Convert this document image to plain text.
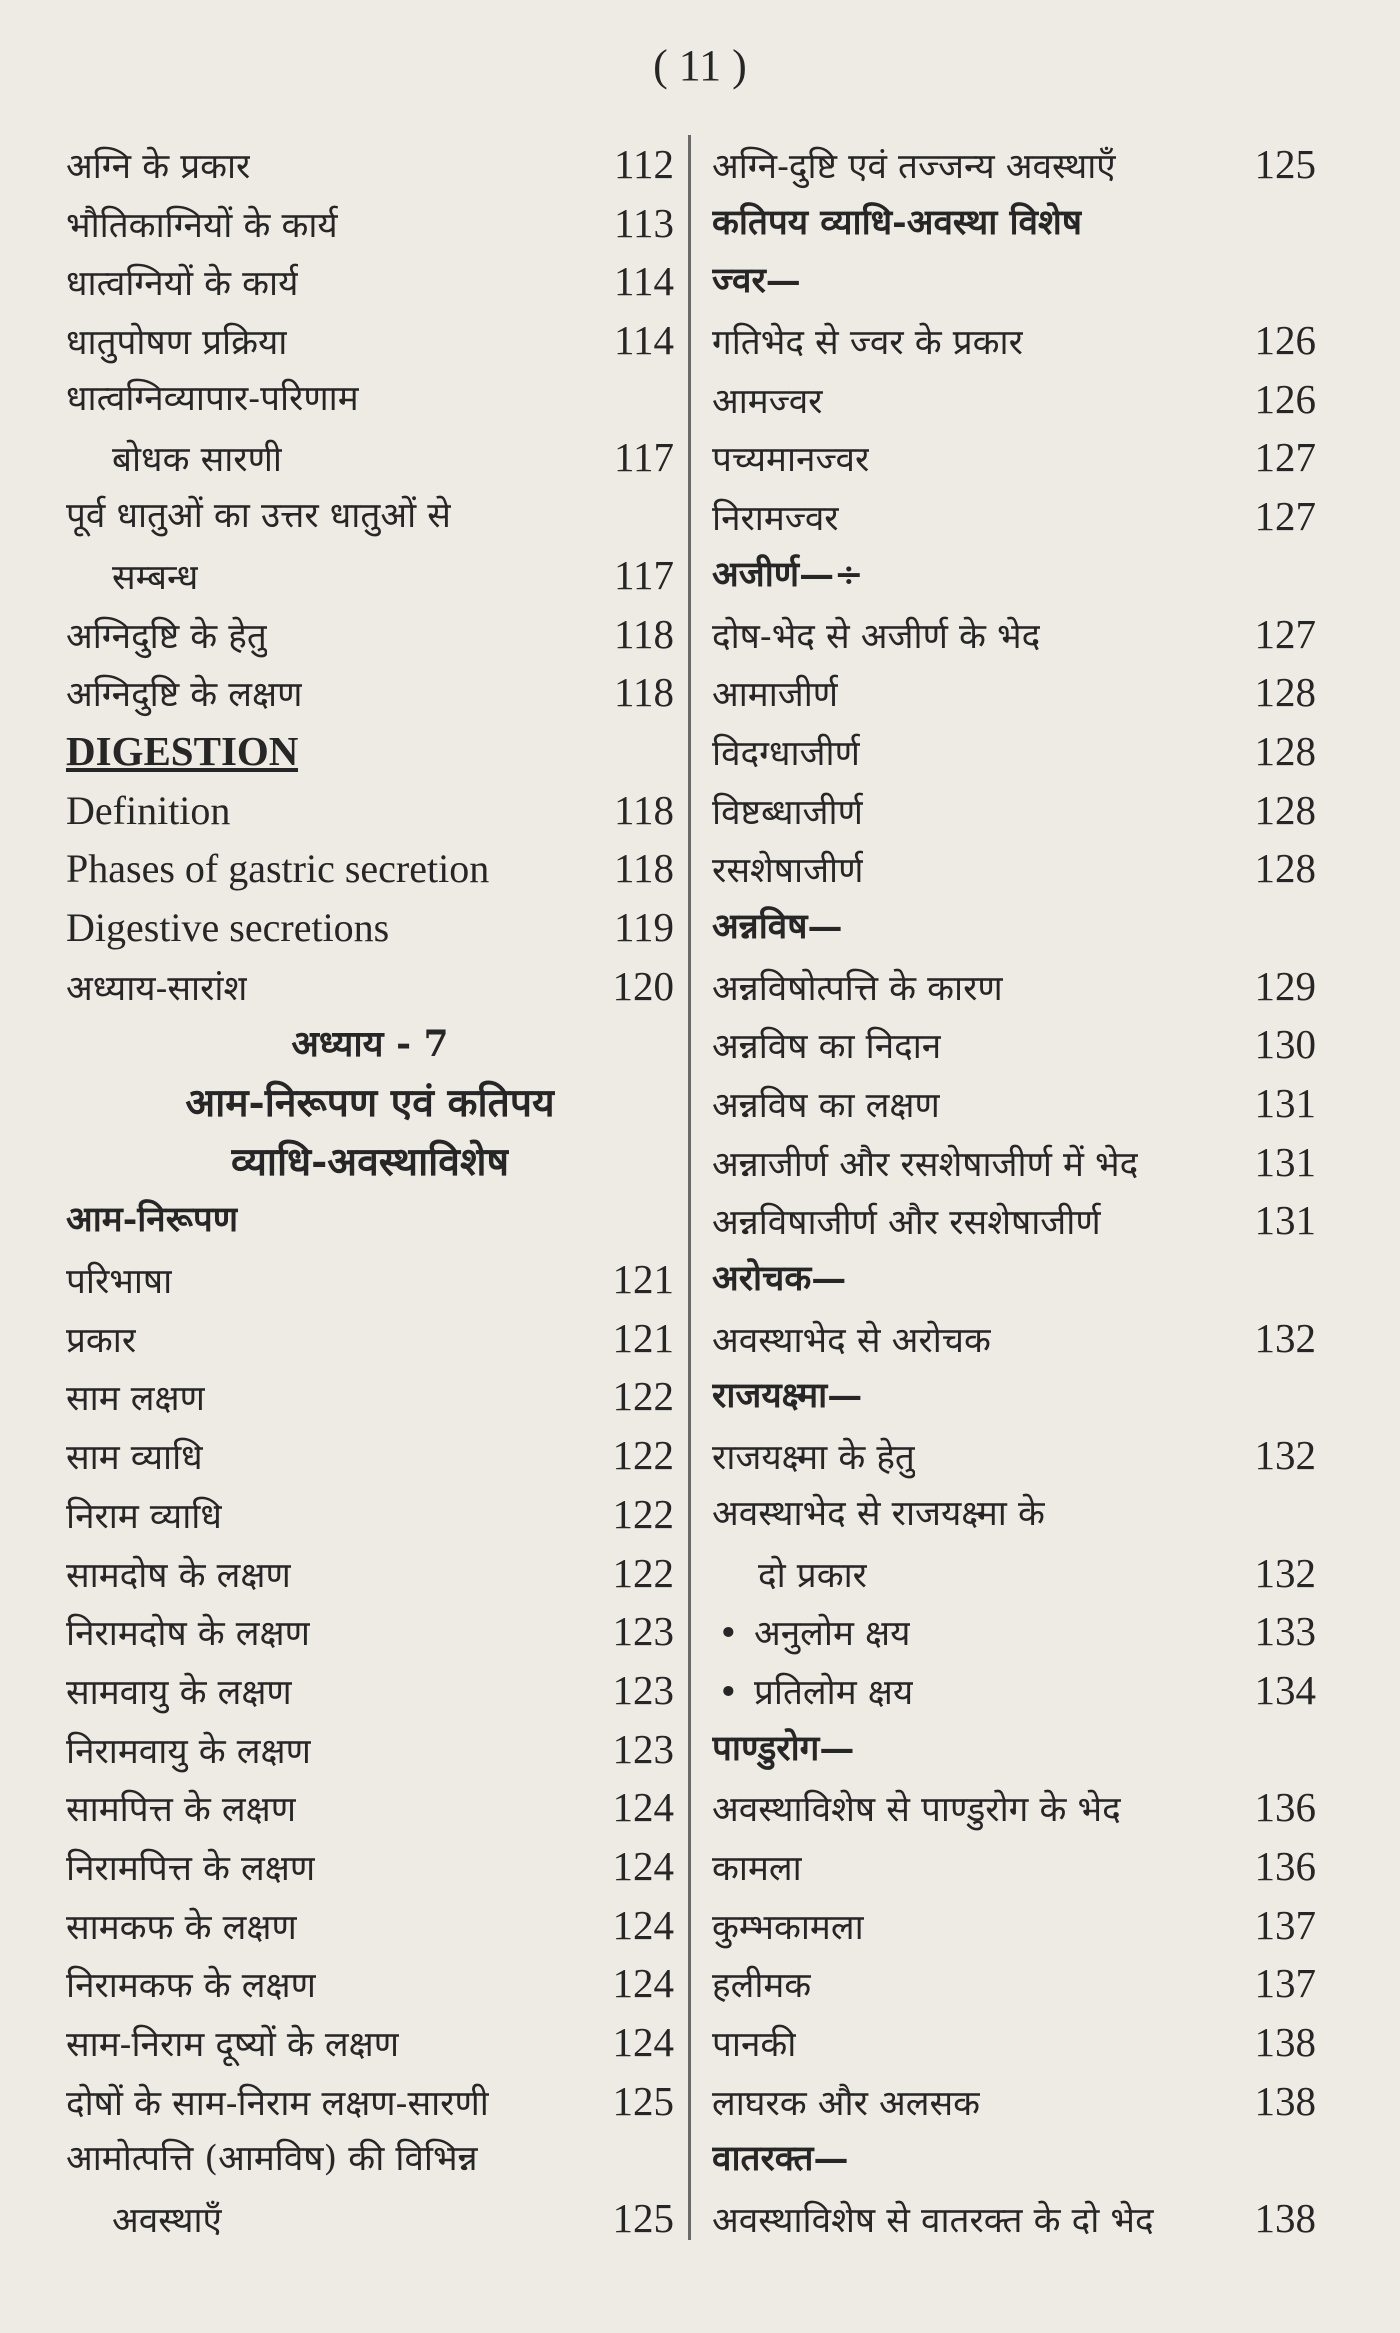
( 11 )
अग्नि के प्रकार	112
भौतिकाग्नियों के कार्य	113
धात्वग्नियों के कार्य	114
धातुपोषण प्रक्रिया	114
धात्वग्निव्यापार-परिणाम
बोधक सारणी	117
पूर्व धातुओं का उत्तर धातुओं से
सम्बन्ध	117
अग्निदुष्टि के हेतु	118
अग्निदुष्टि के लक्षण	118
DIGESTION
Definition	118
Phases of gastric secretion	118
Digestive secretions	119
अध्याय-सारांश	120
अध्याय - 7
आम-निरूपण एवं कतिपय
व्याधि-अवस्थाविशेष
आम-निरूपण
परिभाषा	121
प्रकार	121
साम लक्षण	122
साम व्याधि	122
निराम व्याधि	122
सामदोष के लक्षण	122
निरामदोष के लक्षण	123
सामवायु के लक्षण	123
निरामवायु के लक्षण	123
सामपित्त के लक्षण	124
निरामपित्त के लक्षण	124
सामकफ के लक्षण	124
निरामकफ के लक्षण	124
साम-निराम दूष्यों के लक्षण	124
दोषों के साम-निराम लक्षण-सारणी	125
आमोत्पत्ति (आमविष) की विभिन्न
अवस्थाएँ	125
अग्नि-दुष्टि एवं तज्जन्य अवस्थाएँ	125
कतिपय व्याधि-अवस्था विशेष
ज्वर—
गतिभेद से ज्वर के प्रकार	126
आमज्वर	126
पच्यमानज्वर	127
निरामज्वर	127
अजीर्ण—÷
दोष-भेद से अजीर्ण के भेद	127
आमाजीर्ण	128
विदग्धाजीर्ण	128
विष्टब्धाजीर्ण	128
रसशेषाजीर्ण	128
अन्नविष—
अन्नविषोत्पत्ति के कारण	129
अन्नविष का निदान	130
अन्नविष का लक्षण	131
अन्नाजीर्ण और रसशेषाजीर्ण में भेद	131
अन्नविषाजीर्ण और रसशेषाजीर्ण	131
अरोचक—
अवस्थाभेद से अरोचक	132
राजयक्ष्मा—
राजयक्ष्मा के हेतु	132
अवस्थाभेद से राजयक्ष्मा के
दो प्रकार	132
• अनुलोम क्षय	133
• प्रतिलोम क्षय	134
पाण्डुरोग—
अवस्थाविशेष से पाण्डुरोग के भेद	136
कामला	136
कुम्भकामला	137
हलीमक	137
पानकी	138
लाघरक और अलसक	138
वातरक्त—
अवस्थाविशेष से वातरक्त के दो भेद 138
